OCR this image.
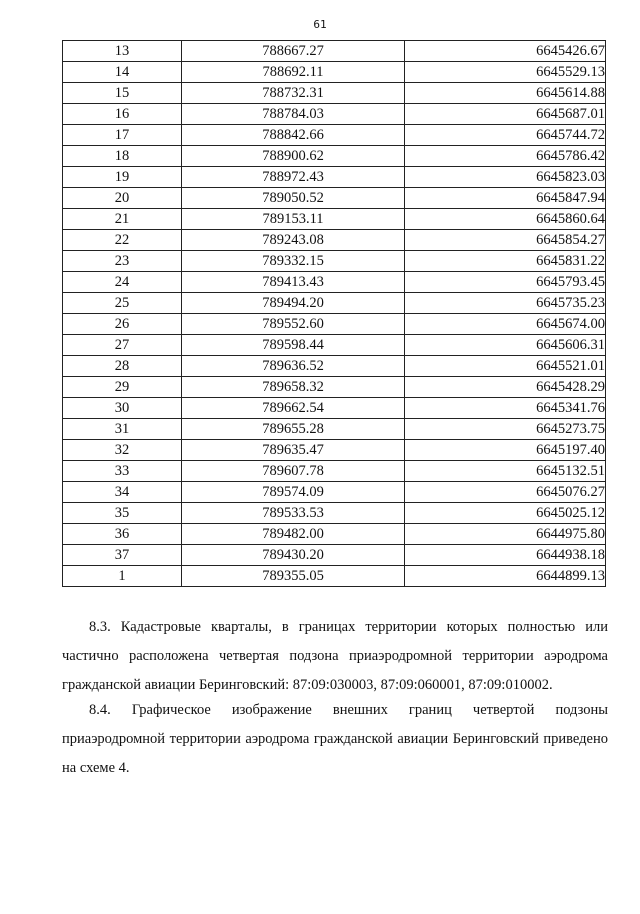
61
13	788667.27	6645426.67
14	788692.11	6645529.13
15	788732.31	6645614.88
16	788784.03	6645687.01
17	788842.66	6645744.72
18	788900.62	6645786.42
19	788972.43	6645823.03
20	789050.52	6645847.94
21	789153.11	6645860.64
22	789243.08	6645854.27
23	789332.15	6645831.22
24	789413.43	6645793.45
25	789494.20	6645735.23
26	789552.60	6645674.00
27	789598.44	6645606.31
28	789636.52	6645521.01
29	789658.32	6645428.29
30	789662.54	6645341.76
31	789655.28	6645273.75
32	789635.47	6645197.40
33	789607.78	6645132.51
34	789574.09	6645076.27
35	789533.53	6645025.12
36	789482.00	6644975.80
37	789430.20	6644938.18
1	789355.05	6644899.13
8.3. Кадастровые кварталы, в границах территории которых полностью или частично расположена четвертая подзона приаэродромной территории аэродрома гражданской авиации Беринговский: 87:09:030003, 87:09:060001, 87:09:010002.
8.4. Графическое изображение внешних границ четвертой подзоны приаэродромной территории аэродрома гражданской авиации Беринговский приведено на схеме 4.
